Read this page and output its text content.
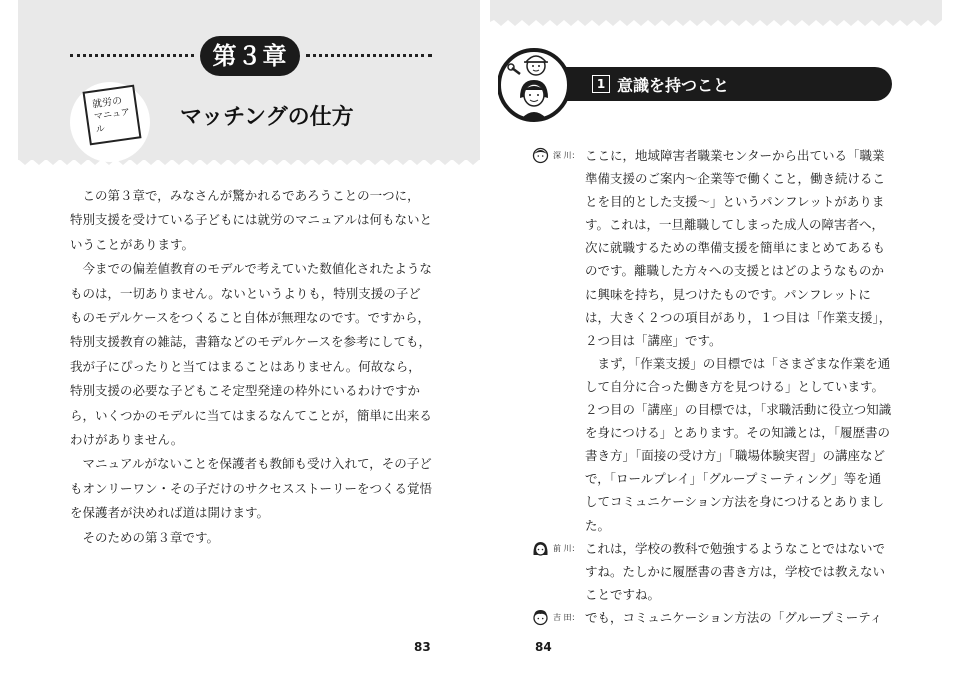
第３章
就労の
マニュアル	マッチングの仕方

この第３章で，みなさんが驚かれるであろうことの一つに，特別支援を受けている子どもには就労のマニュアルは何もないということがあります。

今までの偏差値教育のモデルで考えていた数値化されたようなものは，一切ありません。ないというよりも，特別支援の子どものモデルケースをつくること自体が無理なのです。ですから，特別支援教育の雑誌，書籍などのモデルケースを参考にしても，我が子にぴったりと当てはまることはありません。何故なら，特別支援の必要な子どもこそ定型発達の枠外にいるわけですから，いくつかのモデルに当てはまるなんてことが，簡単に出来るわけがありません。

マニュアルがないことを保護者も教師も受け入れて，その子どもオンリーワン・その子だけのサクセスストーリーをつくる覚悟を保護者が決めれば道は開けます。

そのための第３章です。

83
1 意識を持つこと
深 川： ここに，地域障害者職業センターから出ている「職業準備支援のご案内～企業等で働くこと，働き続けることを目的とした支援～」というパンフレットがあります。これは，一旦離職してしまった成人の障害者へ，次に就職するための準備支援を簡単にまとめてあるものです。離職した方々への支援とはどのようなものかに興味を持ち，見つけたものです。パンフレットには，大きく２つの項目があり，１つ目は「作業支援」，２つ目は「講座」です。

まず，「作業支援」の目標では「さまざまな作業を通して自分に合った働き方を見つける」としています。２つ目の「講座」の目標では，「求職活動に役立つ知識を身につける」とあります。その知識とは，「履歴書の書き方」「面接の受け方」「職場体験実習」の講座などで，「ロールプレイ」「グループミーティング」等を通してコミュニケーション方法を身につけるとありました。

前 川： これは，学校の教科で勉強するようなことではないですね。たしかに履歴書の書き方は，学校では教えないことですね。

吉 田： でも，コミュニケーション方法の「グループミーティ

84
